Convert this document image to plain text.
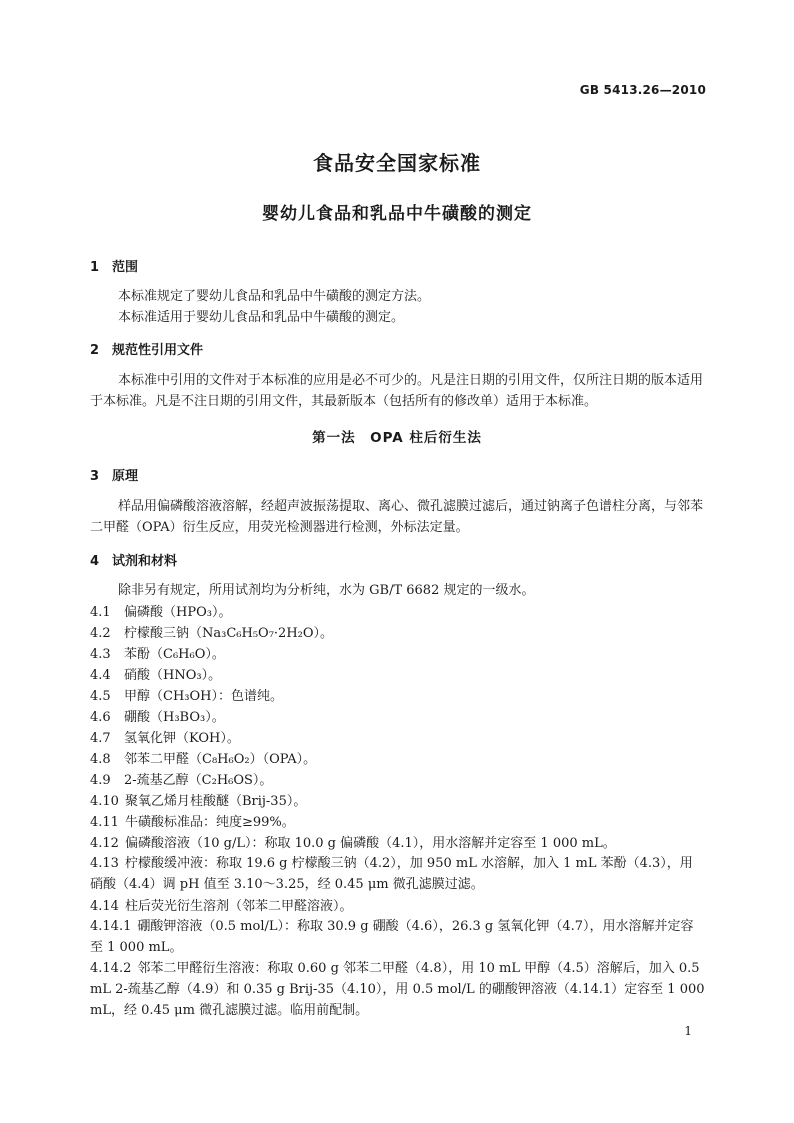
GB 5413.26—2010
食品安全国家标准
婴幼儿食品和乳品中牛磺酸的测定
1 范围
本标准规定了婴幼儿食品和乳品中牛磺酸的测定方法。
本标准适用于婴幼儿食品和乳品中牛磺酸的测定。
2 规范性引用文件
本标准中引用的文件对于本标准的应用是必不可少的。凡是注日期的引用文件，仅所注日期的版本适用于本标准。凡是不注日期的引用文件，其最新版本（包括所有的修改单）适用于本标准。
第一法　OPA 柱后衍生法
3 原理
样品用偏磷酸溶液溶解，经超声波振荡提取、离心、微孔滤膜过滤后，通过钠离子色谱柱分离，与邻苯二甲醛（OPA）衍生反应，用荧光检测器进行检测，外标法定量。
4 试剂和材料
除非另有规定，所用试剂均为分析纯，水为 GB/T 6682 规定的一级水。
4.1 偏磷酸（HPO₃）。
4.2 柠檬酸三钠（Na₃C₆H₅O₇·2H₂O）。
4.3 苯酚（C₆H₆O）。
4.4 硝酸（HNO₃）。
4.5 甲醇（CH₃OH）：色谱纯。
4.6 硼酸（H₃BO₃）。
4.7 氢氧化钾（KOH）。
4.8 邻苯二甲醛（C₈H₆O₂）（OPA）。
4.9 2-巯基乙醇（C₂H₆OS）。
4.10 聚氧乙烯月桂酸醚（Brij-35）。
4.11 牛磺酸标准品：纯度≥99%。
4.12 偏磷酸溶液（10 g/L）：称取 10.0 g 偏磷酸（4.1），用水溶解并定容至 1 000 mL。
4.13 柠檬酸缓冲液：称取 19.6 g 柠檬酸三钠（4.2），加 950 mL 水溶解，加入 1 mL 苯酚（4.3），用硝酸（4.4）调 pH 值至 3.10～3.25，经 0.45 μm 微孔滤膜过滤。
4.14 柱后荧光衍生溶剂（邻苯二甲醛溶液）。
4.14.1 硼酸钾溶液（0.5 mol/L）：称取 30.9 g 硼酸（4.6），26.3 g 氢氧化钾（4.7），用水溶解并定容至 1 000 mL。
4.14.2 邻苯二甲醛衍生溶液：称取 0.60 g 邻苯二甲醛（4.8），用 10 mL 甲醇（4.5）溶解后，加入 0.5 mL 2-巯基乙醇（4.9）和 0.35 g Brij-35（4.10），用 0.5 mol/L 的硼酸钾溶液（4.14.1）定容至 1 000 mL，经 0.45 μm 微孔滤膜过滤。临用前配制。
1
